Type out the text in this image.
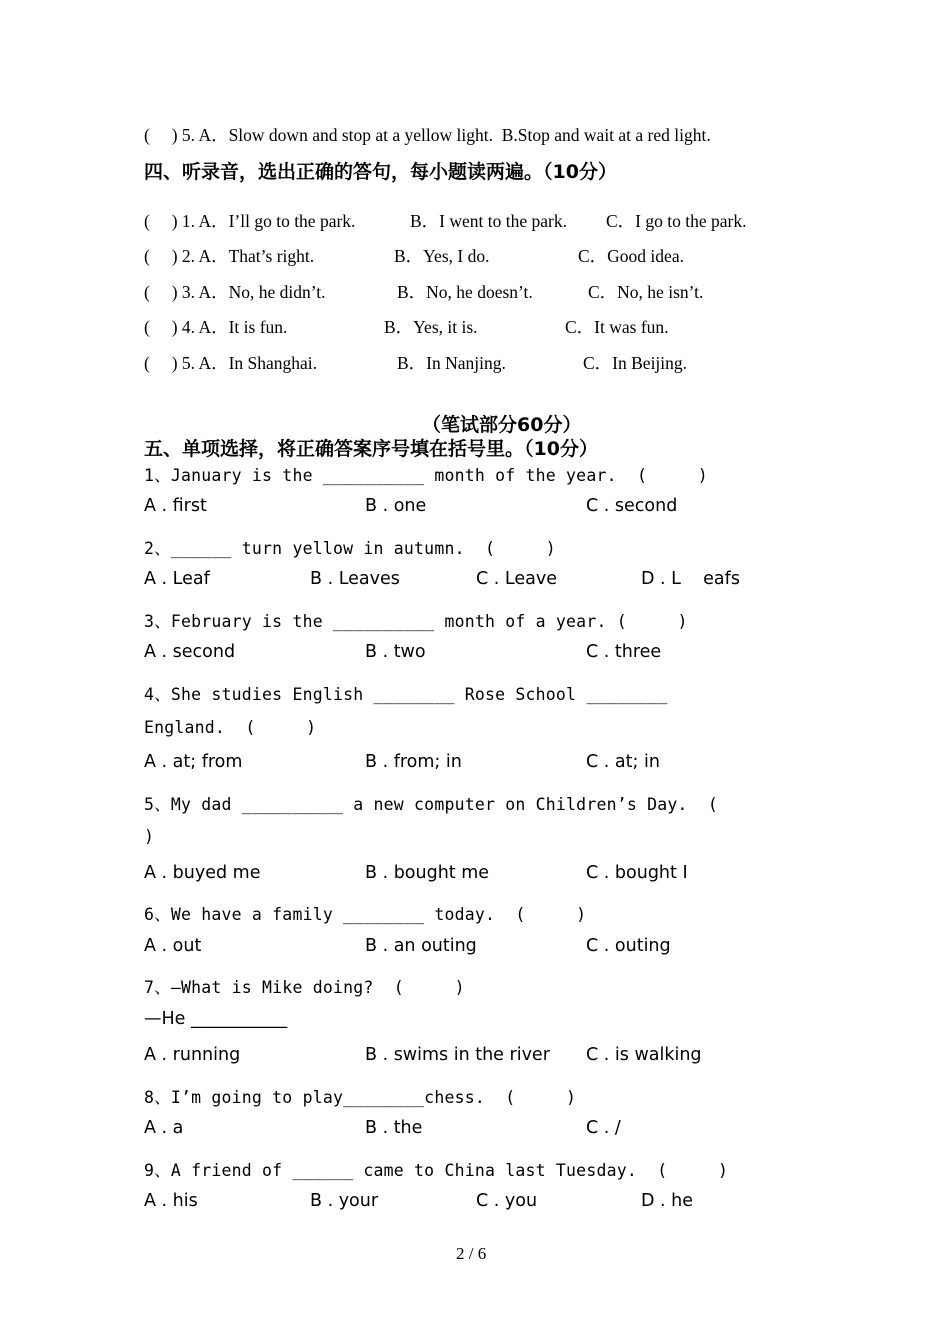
(     ) 5. A．Slow down and stop at a yellow light.  B.Stop and wait at a red light.
四、听录音，选出正确的答句，每小题读两遍。（10分）
(     ) 1. A．I’ll go to the park.	B．I went to the park. C．I go to the park.
(     ) 2. A．That’s right.	B．Yes, I do.	C．Good idea.
(     ) 3. A．No, he didn’t.	B．No, he doesn’t.	C．No, he isn’t.
(     ) 4. A．It is fun.	B．Yes, it is.	C．It was fun.
(     ) 5. A．In Shanghai.	B．In Nanjing.	C．In Beijing.
（笔试部分60分）
五、单项选择，将正确答案序号填在括号里。（10分）
1、January is the __________ month of the year.  (     )
A . first	B . one	C . second
2、______ turn yellow in autumn.  (     )
A . Leaf	B . Leaves	C . Leave	D . L    eafs
3、February is the __________ month of a year. (     )
A . second	B . two	C . three
4、She studies English ________ Rose School ________
England.  (     )
A . at; from	B . from; in	C . at; in
5、My dad __________ a new computer on Children’s Day.  (
)
A . buyed me	B . bought me	C . bought I
6、We have a family ________ today.  (     )
A . out	B . an outing	C . outing
7、—What is Mike doing?  (     )
—He ___________
A . running	B . swims in the river C . is walking
8、I’m going to play________chess.  (     )
A . a	B . the	C . /
9、A friend of ______ came to China last Tuesday.  (     )
A . his	B . your	C . you	D . he
2 / 6
